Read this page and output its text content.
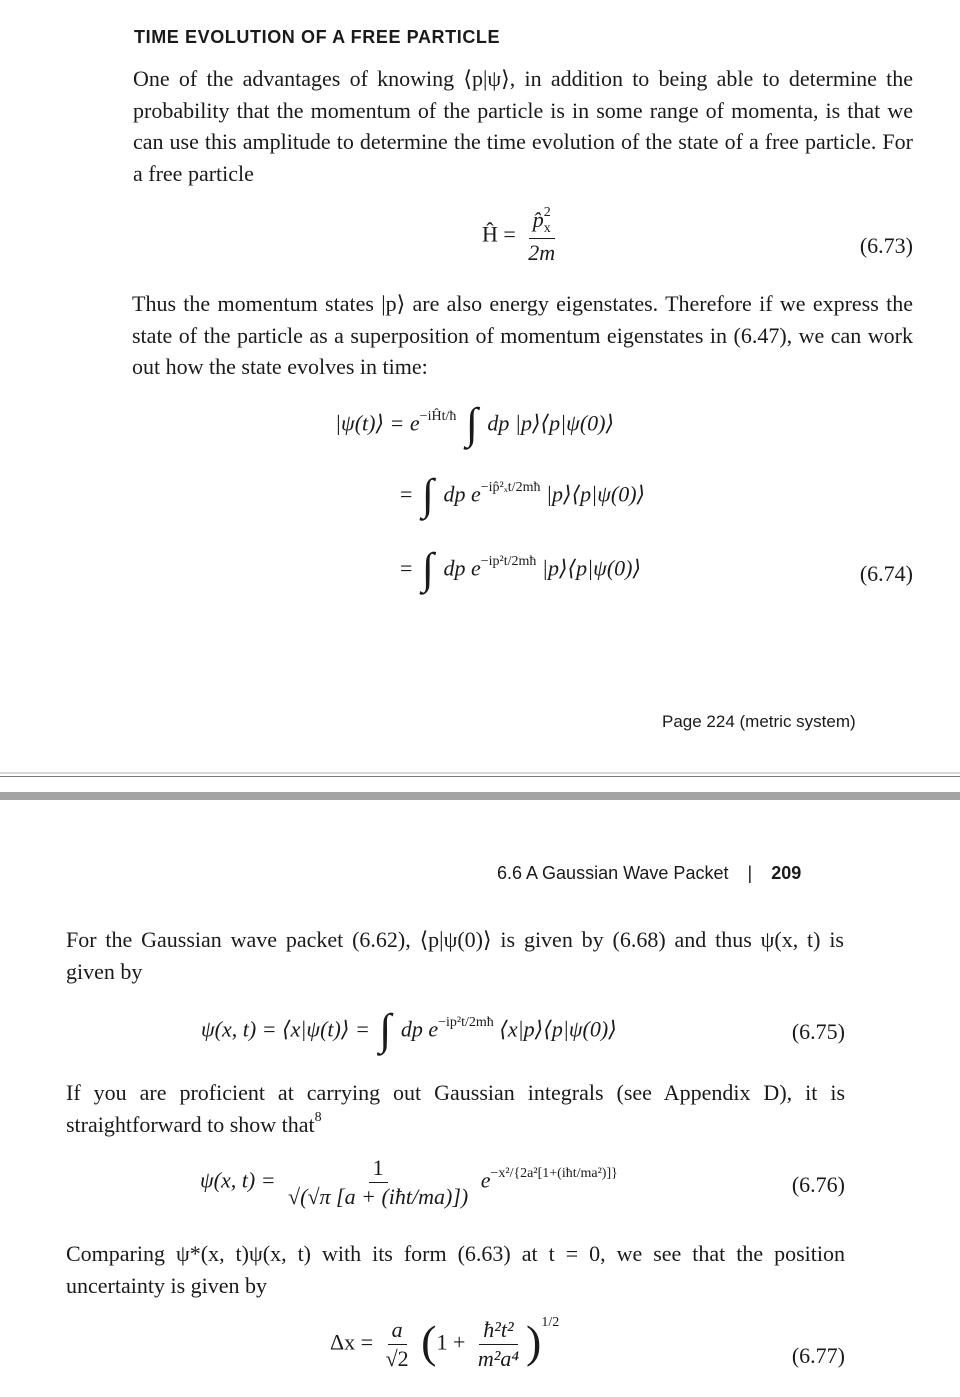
TIME EVOLUTION OF A FREE PARTICLE

One of the advantages of knowing ⟨p|ψ⟩, in addition to being able to determine the probability that the momentum of the particle is in some range of momenta, is that we can use this amplitude to determine the time evolution of the state of a free particle. For a free particle

Ĥ = $\frac{p̂^2_x}{2m}$	(6.73)

Thus the momentum states |p⟩ are also energy eigenstates. Therefore if we express the state of the particle as a superposition of momentum eigenstates in (6.47), we can work out how the state evolves in time:

|ψ(t)⟩ = $e^{-iĤt/ħ}$ ∫ dp |p⟩⟨p|ψ(0)⟩
= ∫ dp $e^{-ip̂^2_xt/2mħ}$ |p⟩⟨p|ψ(0)⟩
= ∫ dp $e^{-ip^2t/2mħ}$ |p⟩⟨p|ψ(0)⟩	(6.74)
Page 224 (metric system)
6.6 A Gaussian Wave Packet | 209

For the Gaussian wave packet (6.62), ⟨p|ψ(0)⟩ is given by (6.68) and thus ψ(x, t) is given by

ψ(x, t) = ⟨x|ψ(t)⟩ = ∫ dp $e^{-ip^2t/2mħ}$ ⟨x|p⟩⟨p|ψ(0)⟩	(6.75)

If you are proficient at carrying out Gaussian integrals (see Appendix D), it is straightforward to show that$^8$

ψ(x, $t) = \frac{1}{\text{√(√π [a + (iħt/ma)])}} e^{-x^2/\{2a^2[1+(iħt/ma^2)]\}}$	(6.76)

Comparing ψ*(x, t)ψ(x, t) with its form (6.63) at t = 0, we see that the position uncertainty is given by

$\Delta x = \frac{a}{√2} (1 + \frac{\text{ħ²t²}}{\text{m²a⁴}} )^{1/2}$
(6.77)
